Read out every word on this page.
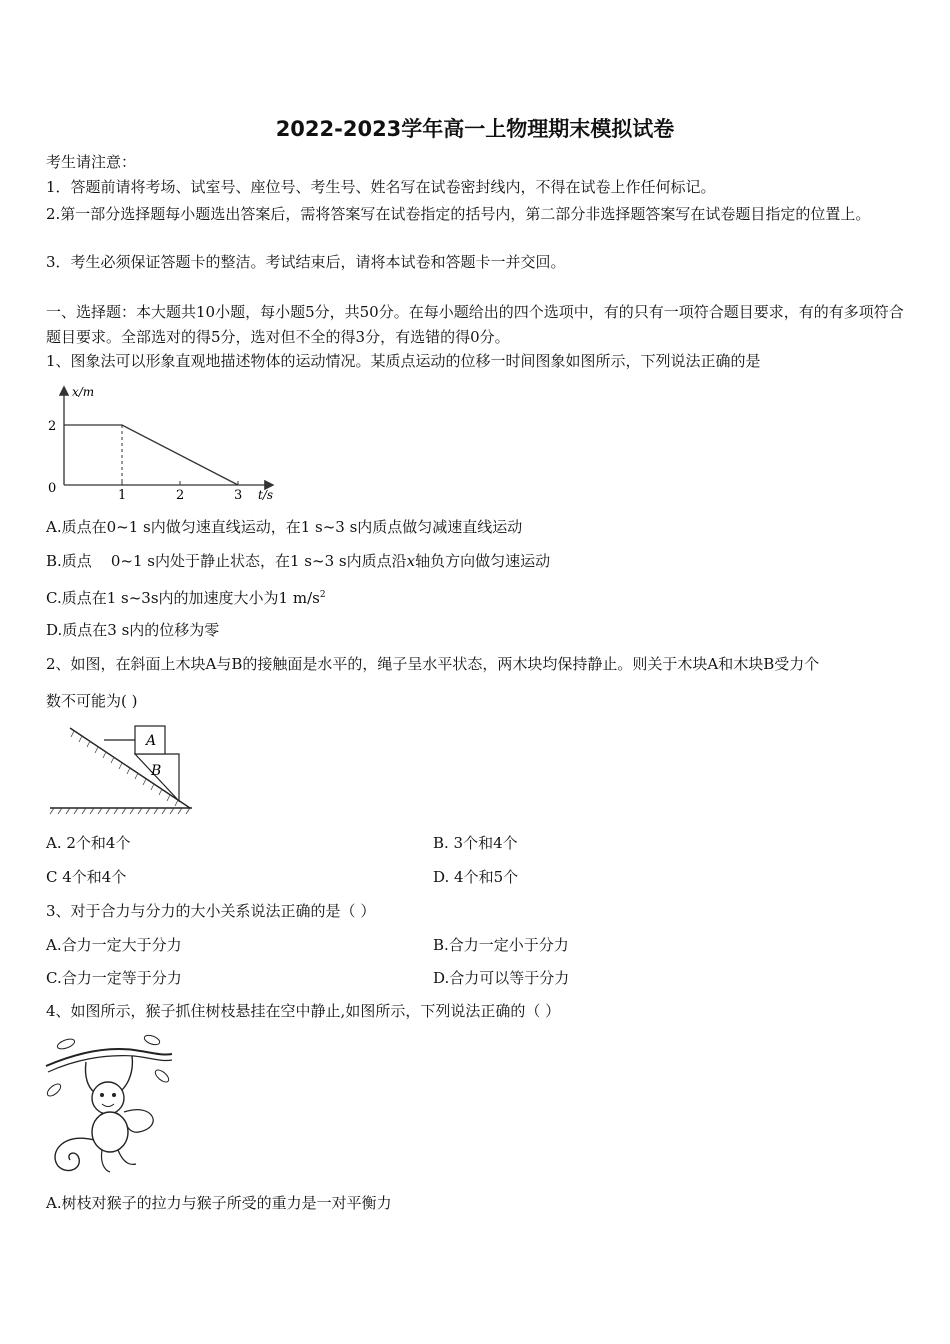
2022-2023学年高一上物理期末模拟试卷
考生请注意：
1．答题前请将考场、试室号、座位号、考生号、姓名写在试卷密封线内，不得在试卷上作任何标记。
2.第一部分选择题每小题选出答案后，需将答案写在试卷指定的括号内，第二部分非选择题答案写在试卷题目指定的位置上。
3．考生必须保证答题卡的整洁。考试结束后，请将本试卷和答题卡一并交回。
一、选择题：本大题共10小题，每小题5分，共50分。在每小题给出的四个选项中，有的只有一项符合题目要求，有的有多项符合题目要求。全部选对的得5分，选对但不全的得3分，有选错的得0分。
1、图象法可以形象直观地描述物体的运动情况。某质点运动的位移一时间图象如图所示，下列说法正确的是
1	2	3
2
x/m
t/s
0
A.质点在0~1 s内做匀速直线运动，在1 s~3 s内质点做匀减速直线运动
B.质点    0~1 s内处于静止状态，在1 s~3 s内质点沿x轴负方向做匀速运动
C.质点在1 s~3s内的加速度大小为1 $m/s^2$
D.质点在3 s内的位移为零
2、如图，在斜面上木块A与B的接触面是水平的，绳子呈水平状态，两木块均保持静止。则关于木块A和木块B受力个
数不可能为( )
A
B
A. 2个和4个	B. 3个和4个
C 4个和4个	D. 4个和5个
3、对于合力与分力的大小关系说法正确的是（ ）
A.合力一定大于分力	B.合力一定小于分力
C.合力一定等于分力	D.合力可以等于分力
4、如图所示，猴子抓住树枝悬挂在空中静止,如图所示，下列说法正确的（ ）
A.树枝对猴子的拉力与猴子所受的重力是一对平衡力
